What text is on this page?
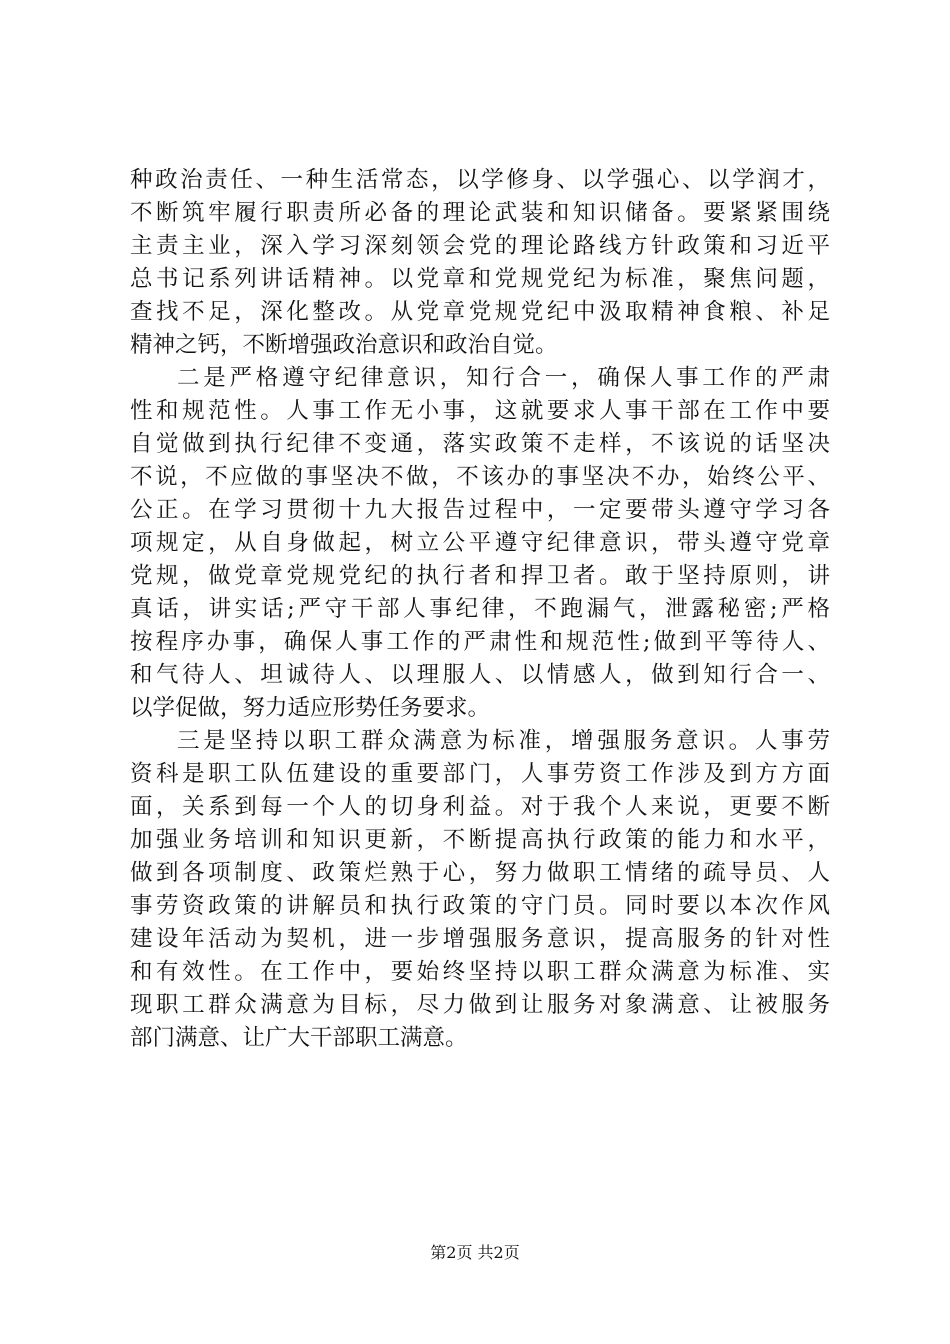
种政治责任、一种生活常态，以学修身、以学强心、以学润才，
不断筑牢履行职责所必备的理论武装和知识储备。要紧紧围绕
主责主业，深入学习深刻领会党的理论路线方针政策和习近平
总书记系列讲话精神。以党章和党规党纪为标准，聚焦问题，
查找不足，深化整改。从党章党规党纪中汲取精神食粮、补足
精神之钙，不断增强政治意识和政治自觉。
二是严格遵守纪律意识，知行合一，确保人事工作的严肃
性和规范性。人事工作无小事，这就要求人事干部在工作中要
自觉做到执行纪律不变通，落实政策不走样，不该说的话坚决
不说，不应做的事坚决不做，不该办的事坚决不办，始终公平、
公正。在学习贯彻十九大报告过程中，一定要带头遵守学习各
项规定，从自身做起，树立公平遵守纪律意识，带头遵守党章
党规，做党章党规党纪的执行者和捍卫者。敢于坚持原则，讲
真话，讲实话;严守干部人事纪律，不跑漏气，泄露秘密;严格
按程序办事，确保人事工作的严肃性和规范性;做到平等待人、
和气待人、坦诚待人、以理服人、以情感人，做到知行合一、
以学促做，努力适应形势任务要求。
三是坚持以职工群众满意为标准，增强服务意识。人事劳
资科是职工队伍建设的重要部门，人事劳资工作涉及到方方面
面，关系到每一个人的切身利益。对于我个人来说，更要不断
加强业务培训和知识更新，不断提高执行政策的能力和水平，
做到各项制度、政策烂熟于心，努力做职工情绪的疏导员、人
事劳资政策的讲解员和执行政策的守门员。同时要以本次作风
建设年活动为契机，进一步增强服务意识，提高服务的针对性
和有效性。在工作中，要始终坚持以职工群众满意为标准、实
现职工群众满意为目标，尽力做到让服务对象满意、让被服务
部门满意、让广大干部职工满意。
第2页 共2页
